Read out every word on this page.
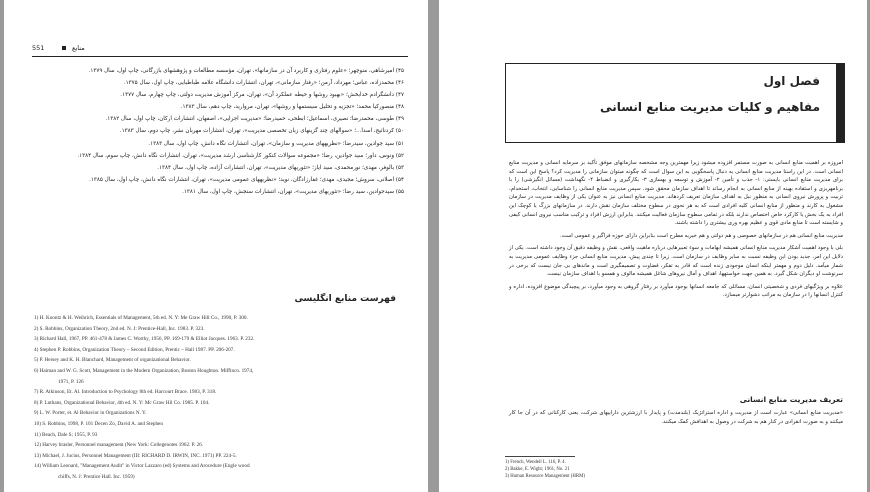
551	منابع

۴۵) امیرشاهی، منوچهر؛ «علوم رفتاری و کاربرد آن در سازمانها»، تهران، مؤسسه مطالعات و پژوهشهای بازرگانی، چاپ اول، سال ۱۳۷۹.

۴۶) محمدزاده، عباس؛ مهرداد، آرمن؛ «رفتار سازمانی»، تهران، انتشارات دانشگاه علامه طباطبایی، چاپ اول، سال ۱۳۷۵.

۴۷) دانشگرادم خدابخش؛ «بهبود روشها و حیطه عملکرد آن»، تهران، مرکز آموزش مدیریت دولتی، چاپ چهارم، سال ۱۳۷۷.

۴۸) منصورکیا محمد؛ «تجزیه و تحلیل سیستمها و روشها»، تهران، مروارید، چاپ دهم، سال ۱۳۸۳.

۴۹) طوسی، محمدرضا؛ نصیری، اسماعیل؛ ابطحی، حمیدرضا؛ «مدیریت اجرایی»، اصفهان، انتشارات ارکان، چاپ اول، سال ۱۳۸۲.

۵۰) کردنائیج، اسدا...؛ «سوالهای چند گزینهای زبان تخصصی مدیریت»، تهران، انتشارات مهربان نشر، چاپ دوم، سال ۱۳۸۳.

۵۱) سید جوادین، سیدرضا؛ «نظریههای مدیریت و سازمان»، تهران، انتشارات نگاه دانش، چاپ اول، سال ۱۳۸۳.

۵۲) ونوس، داور؛ سید جوادین، رضا؛ «مجموعه سوالات کنکور کارشناسی ارشد مدیریت»، تهران، انتشارات نگاه دانش، چاپ سوم، سال ۱۳۸۴.

۵۳) بالوفر، مهدی؛ نورمحمدی، سید ایاز؛ «تئوریهای مدیریت»، تهران، انتشارات آزاده، چاپ اول، سال ۱۳۸۴.

۵۴) اصلانی، سروش؛ مجیدی، مهدی؛ غفارزادگان، نوید؛ «نظریههای عمومی مدیریت»، تهران، انتشارات نگاه دانش، چاپ اول، سال ۱۳۸۵.

۵۵) سیدجوادین، سید رضا؛ «تئوریهای مدیریت»، تهران، انتشارات سنجش، چاپ اول، سال ۱۳۸۱.

فهرست منابع انگلیسی

1) H. Koontz & H. Weihrich, Essentials of Management, 5th ed. N. Y: Me Graw Hill Co., 1990, P. 300.

2) S. Robbins, Organization Theory, 2nd ed. N. J: Prentice-Hall, Inc. 1983. P. 323.

3) Richard Hall, 1967, PP. 461-478 & James C. Worthy, 1956, PP. 169-179 & Elliot Jacques. 1963. P. 232.

4) Stephen P. Robbins, Organization Theory – Second Edition, Prentic – Hall 1987. PP. 206-207.

5) P. Hersey and K. H. Blanchard, Management of organizational Behavior.

6) Haiman and W. G. Scott, Management in the Modern Organization, Boston Houghton. Miffinco. 1974,

1971, P. 126

7) R. Atkinson, Et. Al. Introduction to Psychology 8th ed. Harcourt Brace. 1983, P. 318.

8) P. Luthans, Organizational Behavior, 4th ed. N. Y: Mc Graw Hil Co. 1985. P. 104.

9) L. W. Porter, et. Al Behavior in Organizations N. Y.

10) S. Robbins, 1998, P. 101 Decen Zo, David A. and Stephen

11) Beach, Dale S; 1955, P. 93

12) Harvey brasler, Personnel management (New York: Collegenotes 1962. P. 26.

13) Michael, J. Jucius, Personnel Management (III: RICHARD D. IRWIN, INC. 1971) PP. 224-5.

14) William Leonard, "Management Audit" in Victor Lazzaro (ed) Systems and Arocedure (Engle wood

chiffs, N. J: Prentice Hall. Inc. 1959)

فصل اول
مفاهیم و کلیات مدیریت منابع انسانی

امروزه بر اهمیت منابع انسانی به صورت مستمر افزوده میشود زیرا مهمترین وجه مشخصه سازمانهای موفق تأکید بر سرمایه انسانی و مدیریت منابع انسانی است. در این راستا مدیریت منابع انسانی به دنبال پاسخگویی به این سوال است که چگونه میتوان سازمانی را مدیریت کرد؟ پاسخ این است که برای مدیریت منابع انسانی بایستی: ۱- جذب و تأمین ۲- آموزش و توسعه و بهسازی ۳- بکارگیری و انضباط ۴- نگهداشت (مسائل انگیزشی) را با برنامهریزی و استفاده بهینه از منابع انسانی به انجام رساند تا اهداف سازمان محقق شود. سپس مدیریت منابع انسانی را شناسایی، انتخاب، استخدام، تربیت و پرورش نیروی انسانی به منظور نیل به اهداف سازمان تعریف کردهاند. مدیریت منابع انسانی نیز به عنوان یکی از وظایف مدیریت در سازمان مشغول به کارند و منظور از منابع انسانی کلیه افرادی است که به هر نحوی در سطوح مختلف سازمان نقش دارند. در سازمانهای بزرگ یا کوچک این افراد به یک بخش یا کارکرد خاص اختصاص ندارند بلکه در تمامی سطوح سازمان فعالیت میکنند. بنابراین ارزش افراد و ترکیب مناسب نیروی انسانی کیفی و شایسته است تا منابع مادی قوی و عظیم بهره وری بیشتری را داشته باشند.

مدیریت منابع انسانی هم در سازمانهای خصوصی و هم دولتی و هم خیریه مطرح است بنابراین دارای حوزه فراگیر و عمومی است.

بلی با وجود اهمیت آشکار مدیریت منابع انسانی همیشه ابهامات و سوء تعبیرهایی درباره ماهیت واقعی، نقش و وظیفه دقیق آن وجود داشته است. یکی از دلایل این امر، جدید بودن این وظیفه نسبت به سایر وظایف در سازمان است. زیرا تا چندی پیش، مدیریت منابع انسانی جزء وظایف عمومی مدیریت به شمار میآمد. دلیل دوم و مهمتر اینکه انسان موجودی زنده است که قادر به تفکر، قضاوت و تصمیمگیری است و ماندهای بی جان نیست که برخی در سرنوشت او دیگران شکل گیرد. به همین جهت خواستهها، اهداف و آمال نیروهای شاغل همیشه مالوف و همسو با اهداف سازمان نیست.

علاوه بر ویژگیهای فردی و شخصیتی انسان، مسائلی که جامعه انسانها بوجود میآورد بر رفتار گروهی به وجود میآورد، بر پیچیدگی موضوع افزوده، اداره و کنترل انسانها را در سازمان به مراتب دشوارتر میسازد.

تعریف مدیریت منابع انسانی

«مدیریت منابع انسانی» عبارت است از مدیریت و اداره استراتژیک (بلندمدت) و پایدار با ارزشترین داراییهای شرکت، یعنی کارکنانی که در آن جا کار میکنند و به صورت انفرادی در کنار هم به شرکت در وصول به اهدافش کمک میکنند.

1) French, Wendell L. 116, P. 4.

2) Bakke, E. Wight; 1961, No. 21

3) Human Resource Management (HRM)
